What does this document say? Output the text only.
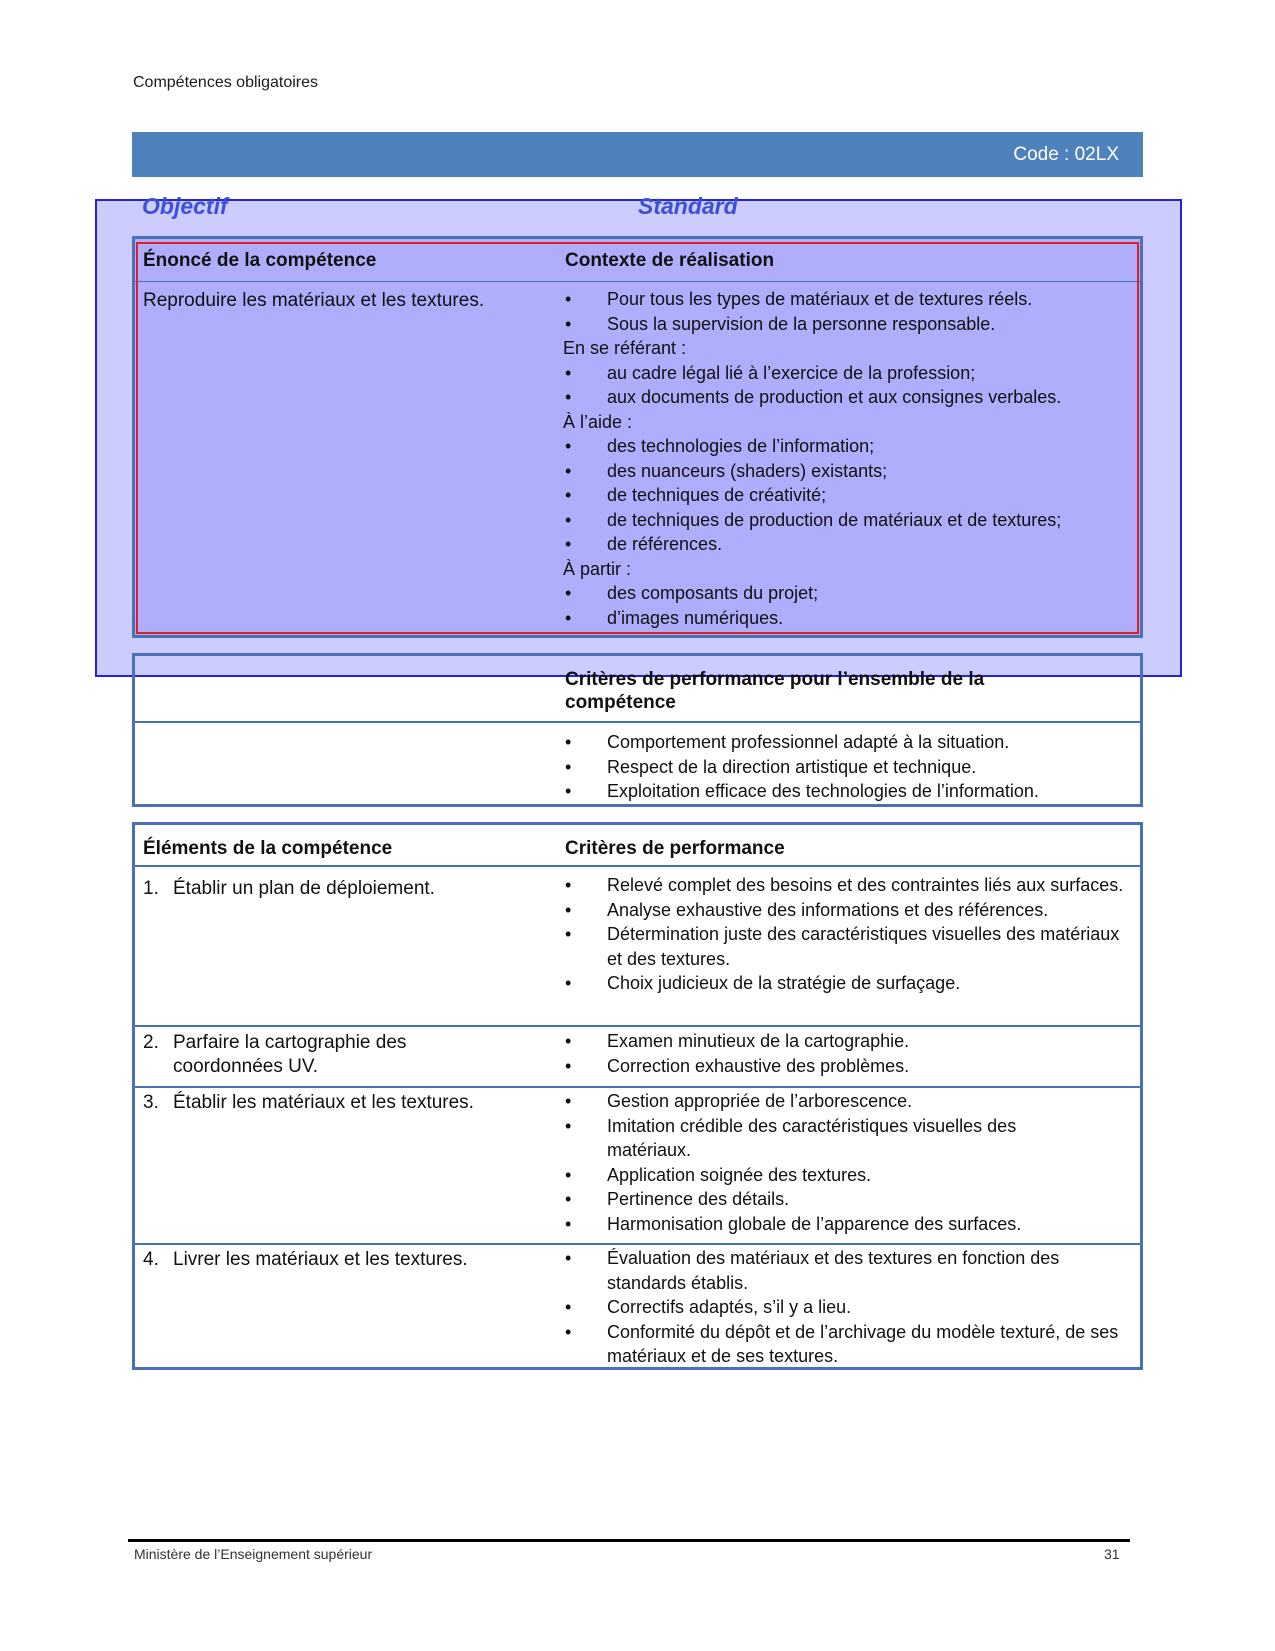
Compétences obligatoires
Code : 02LX
Objectif	Standard
Énoncé de la compétence	Contexte de réalisation
Reproduire les matériaux et les textures.	• Pour tous les types de matériaux et de textures réels.
• Sous la supervision de la personne responsable.
En se référant :
• au cadre légal lié à l’exercice de la profession;
• aux documents de production et aux consignes verbales.
À l’aide :
• des technologies de l’information;
• des nuanceurs (shaders) existants;
• de techniques de créativité;
• de techniques de production de matériaux et de textures;
• de références.
À partir :
• des composants du projet;
• d’images numériques.
Critères de performance pour l’ensemble de la compétence
• Comportement professionnel adapté à la situation.
• Respect de la direction artistique et technique.
• Exploitation efficace des technologies de l’information.
Éléments de la compétence	Critères de performance
1. Établir un plan de déploiement.	• Relevé complet des besoins et des contraintes liés aux surfaces.
• Analyse exhaustive des informations et des références.
• Détermination juste des caractéristiques visuelles des matériaux et des textures.
• Choix judicieux de la stratégie de surfaçage.
2. Parfaire la cartographie des coordonnées UV.
• Examen minutieux de la cartographie.
• Correction exhaustive des problèmes.
3. Établir les matériaux et les textures.	• Gestion appropriée de l’arborescence.
• Imitation crédible des caractéristiques visuelles des matériaux.
• Application soignée des textures.
• Pertinence des détails.
• Harmonisation globale de l’apparence des surfaces.
4. Livrer les matériaux et les textures.	• Évaluation des matériaux et des textures en fonction des standards établis.
• Correctifs adaptés, s’il y a lieu.
• Conformité du dépôt et de l’archivage du modèle texturé, de ses matériaux et de ses textures.
Ministère de l’Enseignement supérieur	31
